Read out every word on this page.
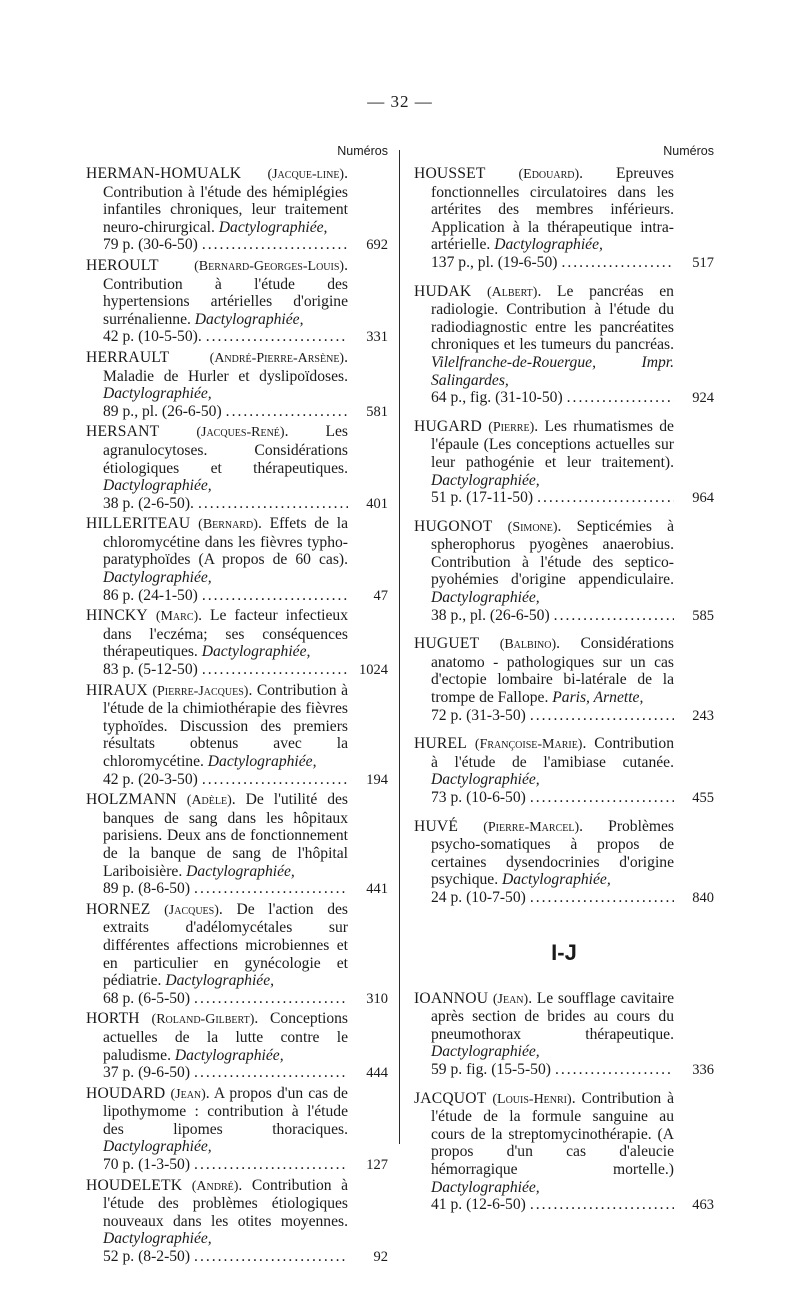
— 32 —
Numéros
HERMAN-HOMUALK (Jacque-line). Contribution à l'étude des hémiplégies infantiles chroniques, leur traitement neuro-chirurgical. Dactylographiée,
79 p. (30-6-50) .....	692
HEROULT	(Bernard-Georges-Louis). Contribution à l'étude des hypertensions artérielles d'origine surrénalienne. Dactylographiée,
42 p. (10-5-50). .....	331
HERRAULT	(André-Pierre-Arsène). Maladie de Hurler et dyslipoïdoses. Dactylographiée,
89 p., pl. (26-6-50) .....	581
HERSANT	(Jacques-René). Les agranulocytoses. Considérations étiologiques et thérapeutiques. Dactylographiée,
38 p. (2-6-50). .....	401
HILLERITEAU (Bernard). Effets de la chloromycétine dans les fièvres typho-paratyphoïdes (A propos de 60 cas). Dactylographiée,
86 p. (24-1-50) .....	47
HINCKY (Marc). Le facteur infectieux dans l'eczéma; ses conséquences thérapeutiques. Dactylographiée,
83 p. (5-12-50) .....	1024
HIRAUX (Pierre-Jacques). Contribution à l'étude de la chimiothérapie des fièvres typhoïdes. Discussion des premiers résultats obtenus avec la chloromycétine. Dactylographiée,
42 p. (20-3-50) .....	194
HOLZMANN (Adèle). De l'utilité des banques de sang dans les hôpitaux parisiens. Deux ans de fonctionnement de la banque de sang de l'hôpital Lariboisière. Dactylographiée,
89 p. (8-6-50) .....	441
HORNEZ (Jacques). De l'action des extraits d'adélomycétales sur différentes affections microbiennes et en particulier en gynécologie et pédiatrie. Dactylographiée,
68 p. (6-5-50) .....	310
HORTH (Roland-Gilbert). Conceptions actuelles de la lutte contre le paludisme. Dactylographiée,
37 p. (9-6-50) .....	444
HOUDARD (Jean). A propos d'un cas de lipothymome : contribution à l'étude des lipomes thoraciques. Dactylographiée,
70 p. (1-3-50) .....	127
HOUDELETK (André). Contribution à l'étude des problèmes étiologiques nouveaux dans les otites moyennes. Dactylographiée,
52 p. (8-2-50) .....	92
Numéros
HOUSSET (Edouard). Epreuves fonctionnelles circulatoires dans les artérites des membres inférieurs. Application à la thérapeutique intra-artérielle. Dactylographiée,
137 p., pl. (19-6-50) .....	517
HUDAK (Albert). Le pancréas en radiologie. Contribution à l'étude du radiodiagnostic entre les pancréatites chroniques et les tumeurs du pancréas. Vilelfranche-de-Rouergue, Impr. Salingardes,
64 p., fig. (31-10-50) .....	924
HUGARD (Pierre). Les rhumatismes de l'épaule (Les conceptions actuelles sur leur pathogénie et leur traitement). Dactylographiée,
51 p. (17-11-50) .....	964
HUGONOT (Simone). Septicémies à spherophorus pyogènes anaerobius. Contribution à l'étude des septico-pyohémies d'origine appendiculaire. Dactylographiée,
38 p., pl. (26-6-50) .....	585
HUGUET (Balbino). Considérations anatomo - pathologiques sur un cas d'ectopie lombaire bi-latérale de la trompe de Fallope. Paris, Arnette,
72 p. (31-3-50) .....	243
HUREL (Françoise-Marie). Contribution à l'étude de l'amibiase cutanée. Dactylographiée,
73 p. (10-6-50) .....	455
HUVÉ (Pierre-Marcel). Problèmes psycho-somatiques à propos de certaines dysendocrinies d'origine psychique. Dactylographiée,
24 p. (10-7-50) .....	840
I-J
IOANNOU (Jean). Le soufflage cavitaire après section de brides au cours du pneumothorax thérapeutique. Dactylographiée,
59 p. fig. (15-5-50) .....	336
JACQUOT (Louis-Henri). Contribution à l'étude de la formule sanguine au cours de la streptomycinothérapie. (A propos d'un cas d'aleucie hémorragique mortelle.) Dactylographiée,
41 p. (12-6-50) .....	463
